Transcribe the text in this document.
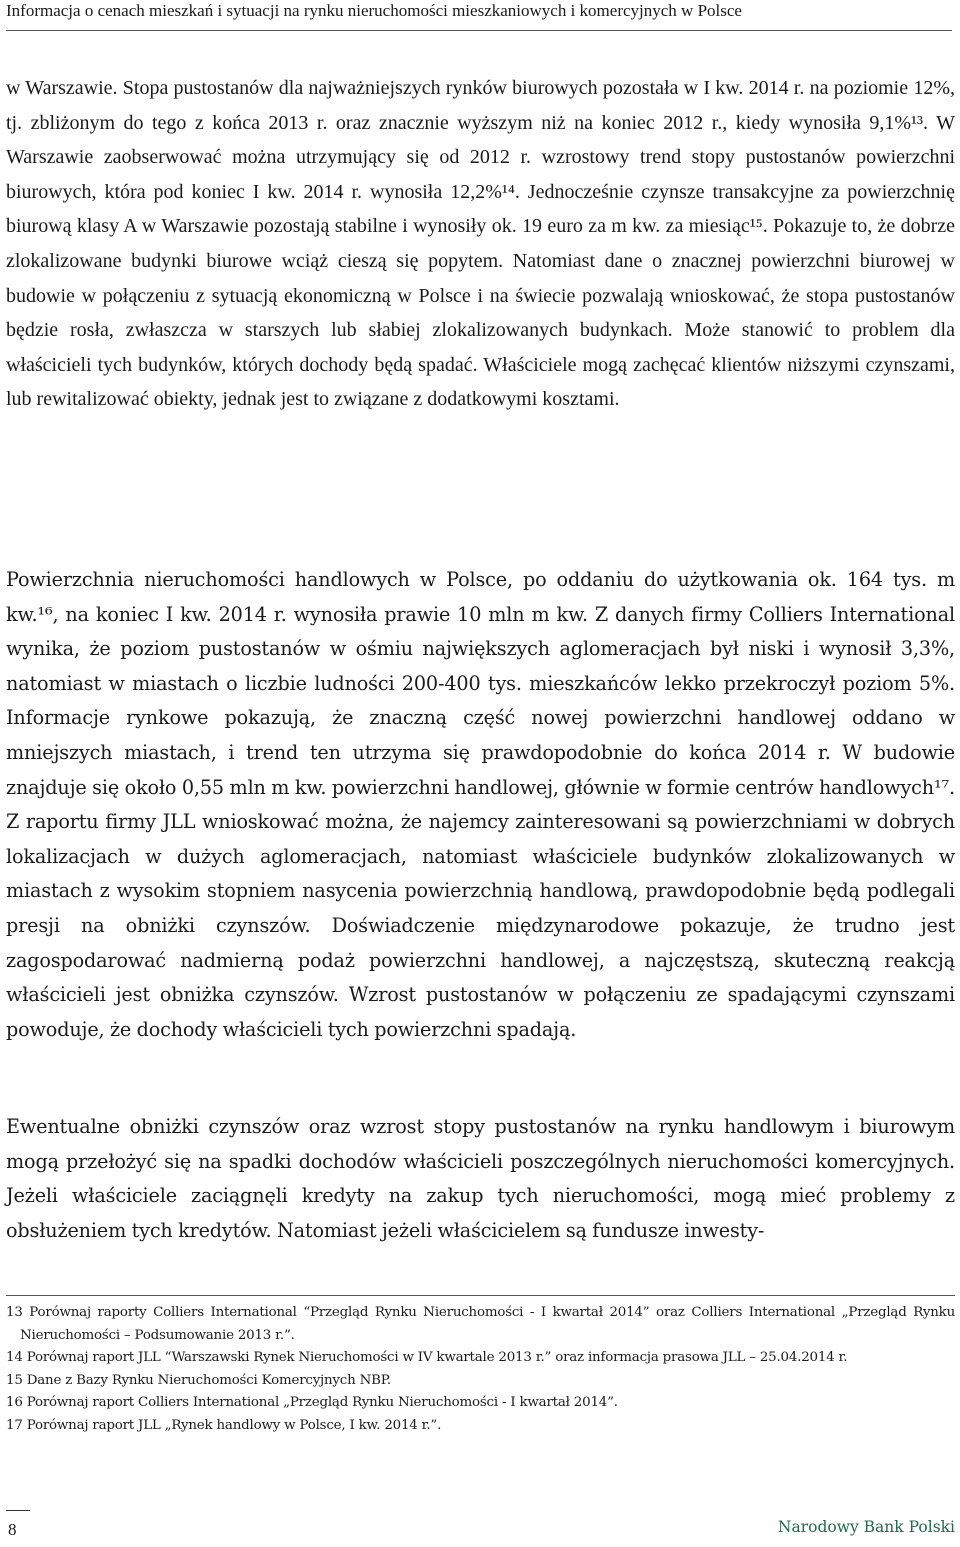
Informacja o cenach mieszkań i sytuacji na rynku nieruchomości mieszkaniowych i komercyjnych w Polsce

w Warszawie. Stopa pustostanów dla najważniejszych rynków biurowych pozostała w I kw. 2014 r. na poziomie 12%, tj. zbliżonym do tego z końca 2013 r. oraz znacznie wyższym niż na koniec 2012 r., kiedy wynosiła 9,1%¹³. W Warszawie zaobserwować można utrzymujący się od 2012 r. wzrostowy trend stopy pustostanów powierzchni biurowych, która pod koniec I kw. 2014 r. wynosiła 12,2%¹⁴. Jednocześnie czynsze transakcyjne za powierzchnię biurową klasy A w Warszawie pozostają stabilne i wynosiły ok. 19 euro za m kw. za miesiąc¹⁵. Pokazuje to, że dobrze zlokalizowane budynki biurowe wciąż cieszą się popytem. Natomiast dane o znacznej powierzchni biurowej w budowie w połączeniu z sytuacją ekonomiczną w Polsce i na świecie pozwalają wnioskować, że stopa pustostanów będzie rosła, zwłaszcza w starszych lub słabiej zlokalizowanych budynkach. Może stanowić to problem dla właścicieli tych budynków, których dochody będą spadać. Właściciele mogą zachęcać klientów niższymi czynszami, lub rewitalizować obiekty, jednak jest to związane z dodatkowymi kosztami.

Powierzchnia nieruchomości handlowych w Polsce, po oddaniu do użytkowania ok. 164 tys. m kw.¹⁶, na koniec I kw. 2014 r. wynosiła prawie 10 mln m kw. Z danych firmy Colliers International wynika, że poziom pustostanów w ośmiu największych aglomeracjach był niski i wynosił 3,3%, natomiast w miastach o liczbie ludności 200-400 tys. mieszkańców lekko przekroczył poziom 5%. Informacje rynkowe pokazują, że znaczną część nowej powierzchni handlowej oddano w mniejszych miastach, i trend ten utrzyma się prawdopodobnie do końca 2014 r. W budowie znajduje się około 0,55 mln m kw. powierzchni handlowej, głównie w formie centrów handlowych¹⁷. Z raportu firmy JLL wnioskować można, że najemcy zainteresowani są powierzchniami w dobrych lokalizacjach w dużych aglomeracjach, natomiast właściciele budynków zlokalizowanych w miastach z wysokim stopniem nasycenia powierzchnią handlową, prawdopodobnie będą podlegali presji na obniżki czynszów. Doświadczenie międzynarodowe pokazuje, że trudno jest zagospodarować nadmierną podaż powierzchni handlowej, a najczęstszą, skuteczną reakcją właścicieli jest obniżka czynszów. Wzrost pustostanów w połączeniu ze spadającymi czynszami powoduje, że dochody właścicieli tych powierzchni spadają.

Ewentualne obniżki czynszów oraz wzrost stopy pustostanów na rynku handlowym i biurowym mogą przełożyć się na spadki dochodów właścicieli poszczególnych nieruchomości komercyjnych. Jeżeli właściciele zaciągnęli kredyty na zakup tych nieruchomości, mogą mieć problemy z obsłużeniem tych kredytów. Natomiast jeżeli właścicielem są fundusze inwesty-

13 Porównaj raporty Colliers International “Przegląd Rynku Nieruchomości - I kwartał 2014” oraz Colliers International „Przegląd Rynku Nieruchomości – Podsumowanie 2013 r.”.

14 Porównaj raport JLL “Warszawski Rynek Nieruchomości w IV kwartale 2013 r.” oraz informacja prasowa JLL – 25.04.2014 r.

15 Dane z Bazy Rynku Nieruchomości Komercyjnych NBP.

16 Porównaj raport Colliers International „Przegląd Rynku Nieruchomości - I kwartał 2014”.

17 Porównaj raport JLL „Rynek handlowy w Polsce, I kw. 2014 r.”.

8	Narodowy Bank Polski
